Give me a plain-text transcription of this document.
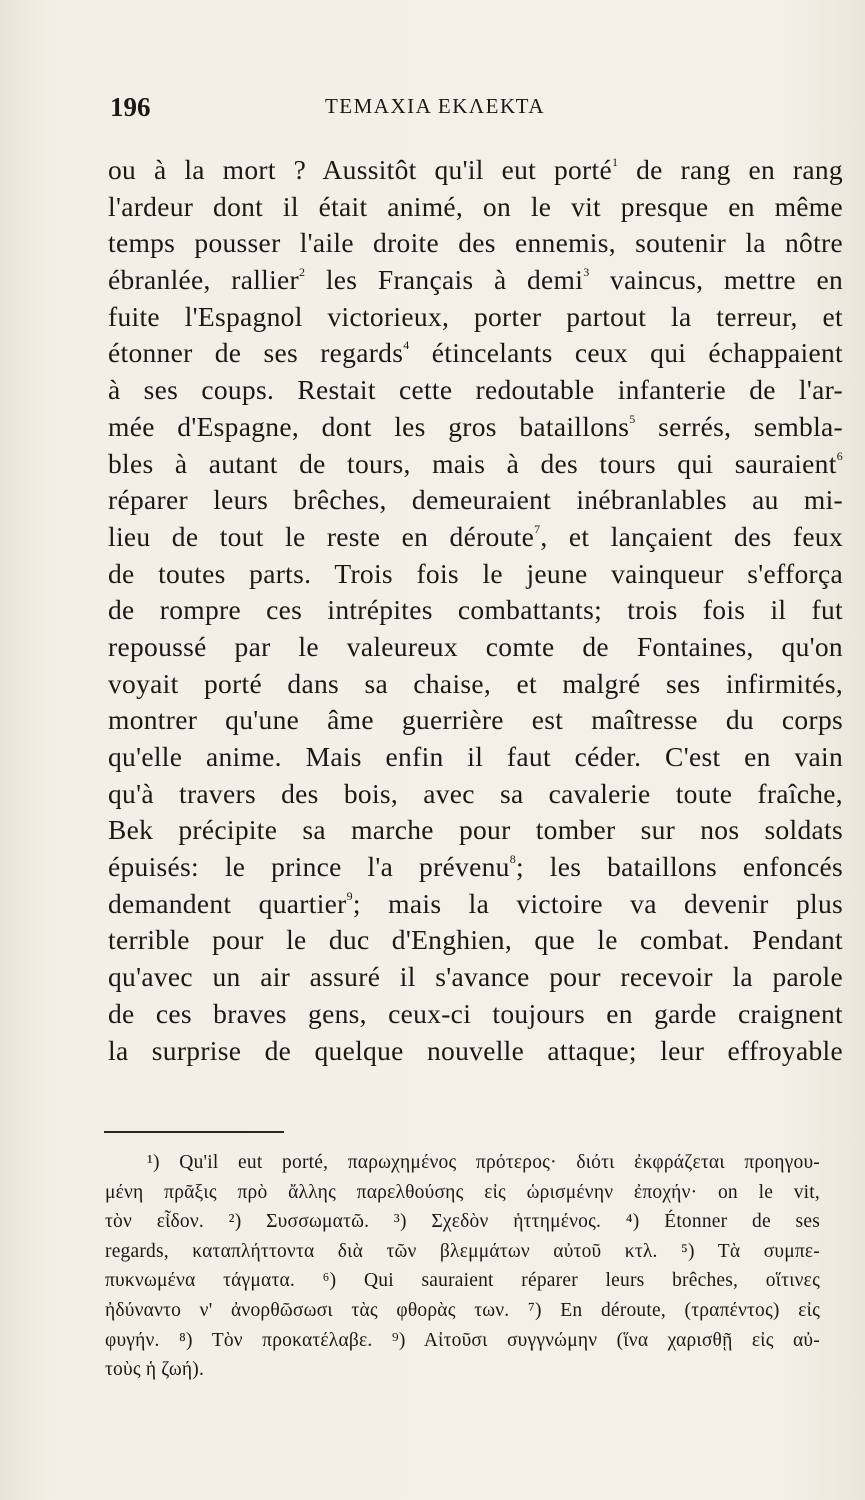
196	ΤΕΜΑΧΙΑ ΕΚΛΕΚΤΑ
ou à la mort ? Aussitôt qu'il eut porté$^1$ de rang en rang
l'ardeur dont il était animé, on le vit presque en même
temps pousser l'aile droite des ennemis, soutenir la nôtre
ébranlée, rallier$^2$ les Français à demi$^3$ vaincus, mettre en
fuite l'Espagnol victorieux, porter partout la terreur, et
étonner de ses regards$^4$ étincelants ceux qui échappaient
à ses coups. Restait cette redoutable infanterie de l'ar-
mée d'Espagne, dont les gros bataillons$^5$ serrés, sembla-
bles à autant de tours, mais à des tours qui sauraient$^6$
réparer leurs brêches, demeuraient inébranlables au mi-
lieu de tout le reste en déroute$^7$, et lançaient des feux
de toutes parts. Trois fois le jeune vainqueur s'efforça
de rompre ces intrépites combattants; trois fois il fut
repoussé par le valeureux comte de Fontaines, qu'on
voyait porté dans sa chaise, et malgré ses infirmités,
montrer qu'une âme guerrière est maîtresse du corps
qu'elle anime. Mais enfin il faut céder. C'est en vain
qu'à travers des bois, avec sa cavalerie toute fraîche,
Bek précipite sa marche pour tomber sur nos soldats
épuisés: le prince l'a prévenu$^8$; les bataillons enfoncés
demandent quartier$^9$; mais la victoire va devenir plus
terrible pour le duc d'Enghien, que le combat. Pendant
qu'avec un air assuré il s'avance pour recevoir la parole
de ces braves gens, ceux-ci toujours en garde craignent
la surprise de quelque nouvelle attaque; leur effroyable
¹) Qu'il eut porté, παρωχημένος πρότερος· διότι ἐκφράζεται προηγου-
μένη πρᾶξις πρὸ ἄλλης παρελθούσης εἰς ὡρισμένην ἐποχήν· on le vit,
τὸν εἶδον. ²) Συσσωματῶ. ³) Σχεδὸν ἡττημένος. ⁴) Étonner de ses
regards, καταπλήττοντα διὰ τῶν βλεμμάτων αὐτοῦ κτλ. ⁵) Τὰ συμπε-
πυκνωμένα τάγματα. ⁶) Qui sauraient réparer leurs brêches, οἵτινες
ἠδύναντο ν' ἀνορθῶσωσι τὰς φθορὰς των. ⁷) En déroute, (τραπέντος) εἰς
φυγήν. ⁸) Τὸν προκατέλαβε. ⁹) Αἰτοῦσι συγγνώμην (ἵνα χαρισθῇ εἰς αὐ-
τοὺς ἡ ζωή).
